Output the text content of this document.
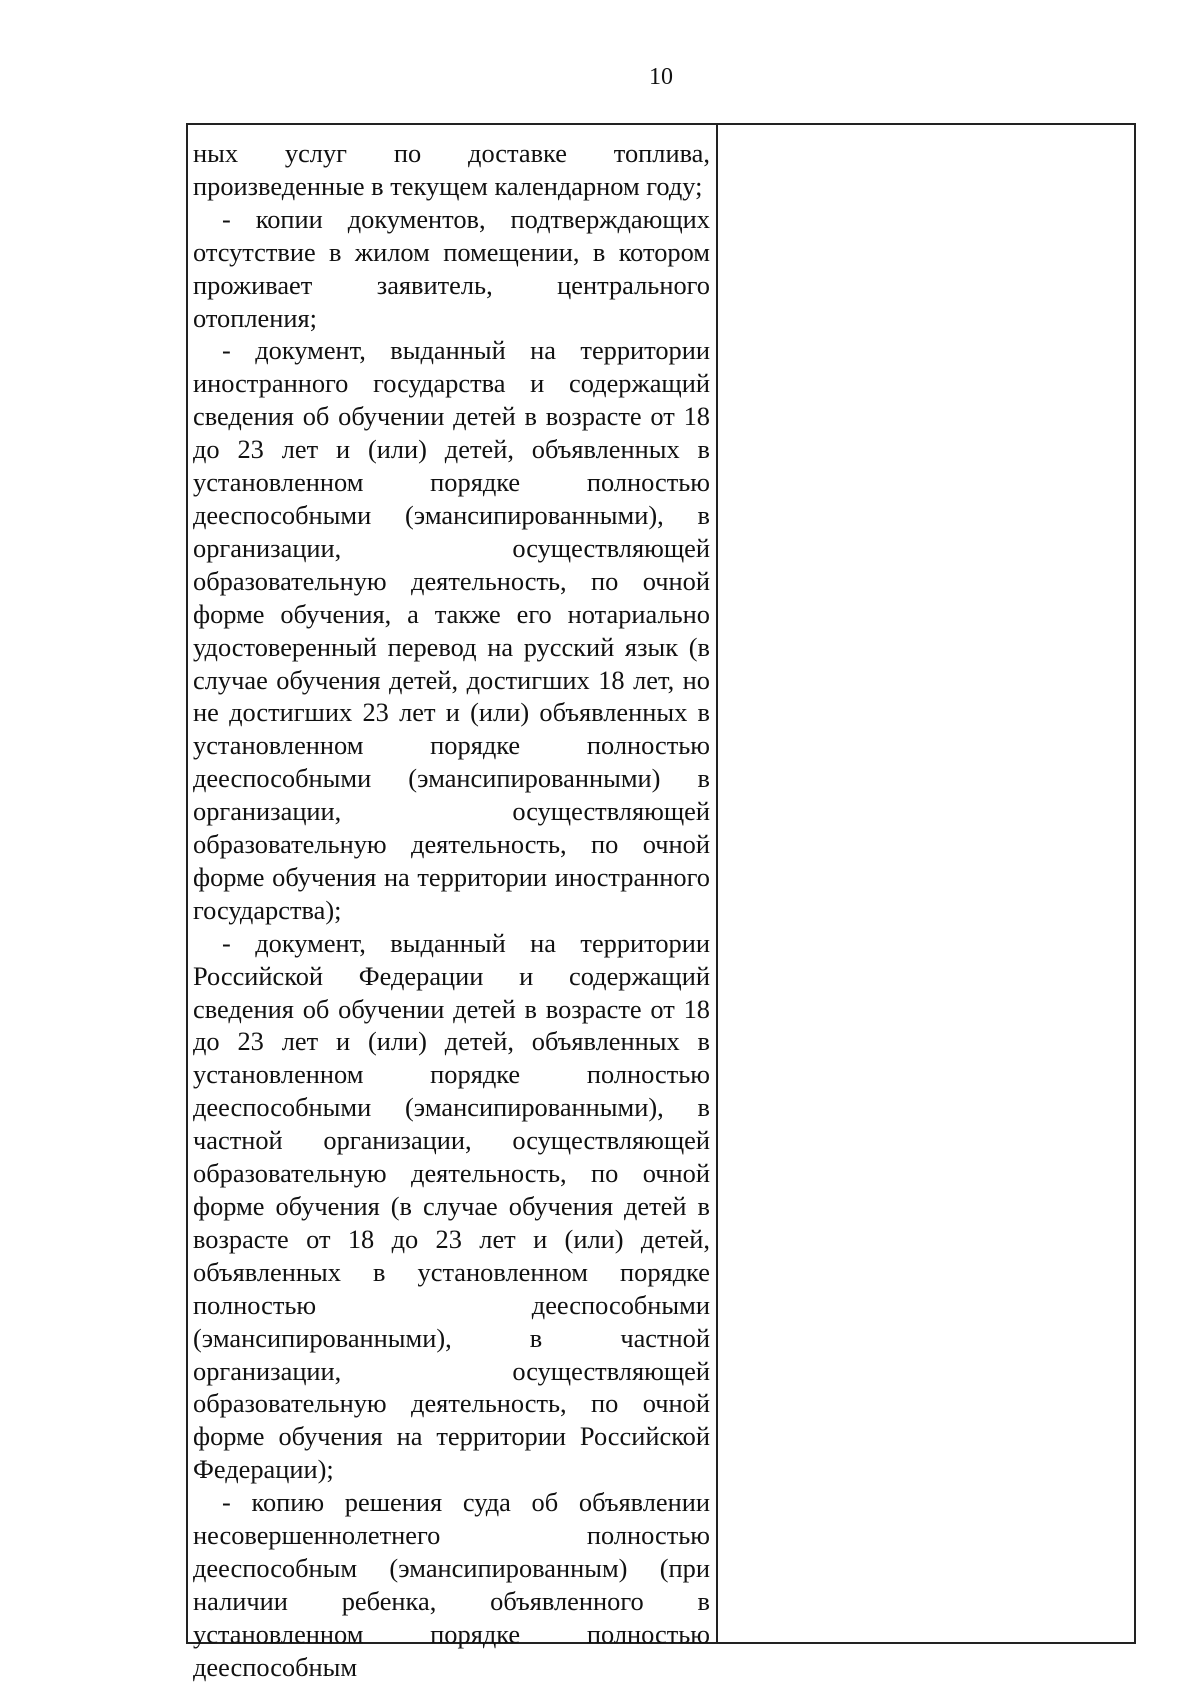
10

ных услуг по доставке топлива, произведенные в текущем календарном году;

- копии документов, подтверждающих отсутствие в жилом помещении, в котором проживает заявитель, центрального отопления;

- документ, выданный на территории иностранного государства и содержащий сведения об обучении детей в возрасте от 18 до 23 лет и (или) детей, объявленных в установленном порядке полностью дееспособными (эмансипированными), в организации, осуществляющей образовательную деятельность, по очной форме обучения, а также его нотариально удостоверенный перевод на русский язык (в случае обучения детей, достигших 18 лет, но не достигших 23 лет и (или) объявленных в установленном порядке полностью дееспособными (эмансипированными) в организации, осуществляющей образовательную деятельность, по очной форме обучения на территории иностранного государства);

- документ, выданный на территории Российской Федерации и содержащий сведения об обучении детей в возрасте от 18 до 23 лет и (или) детей, объявленных в установленном порядке полностью дееспособными (эмансипированными), в частной организации, осуществляющей образовательную деятельность, по очной форме обучения (в случае обучения детей в возрасте от 18 до 23 лет и (или) детей, объявленных в установленном порядке полностью дееспособными (эмансипированными), в частной организации, осуществляющей образовательную деятельность, по очной форме обучения на территории Российской Федерации);

- копию решения суда об объявлении несовершеннолетнего полностью дееспособным (эмансипированным) (при наличии ребенка, объявленного в установленном порядке полностью дееспособным
